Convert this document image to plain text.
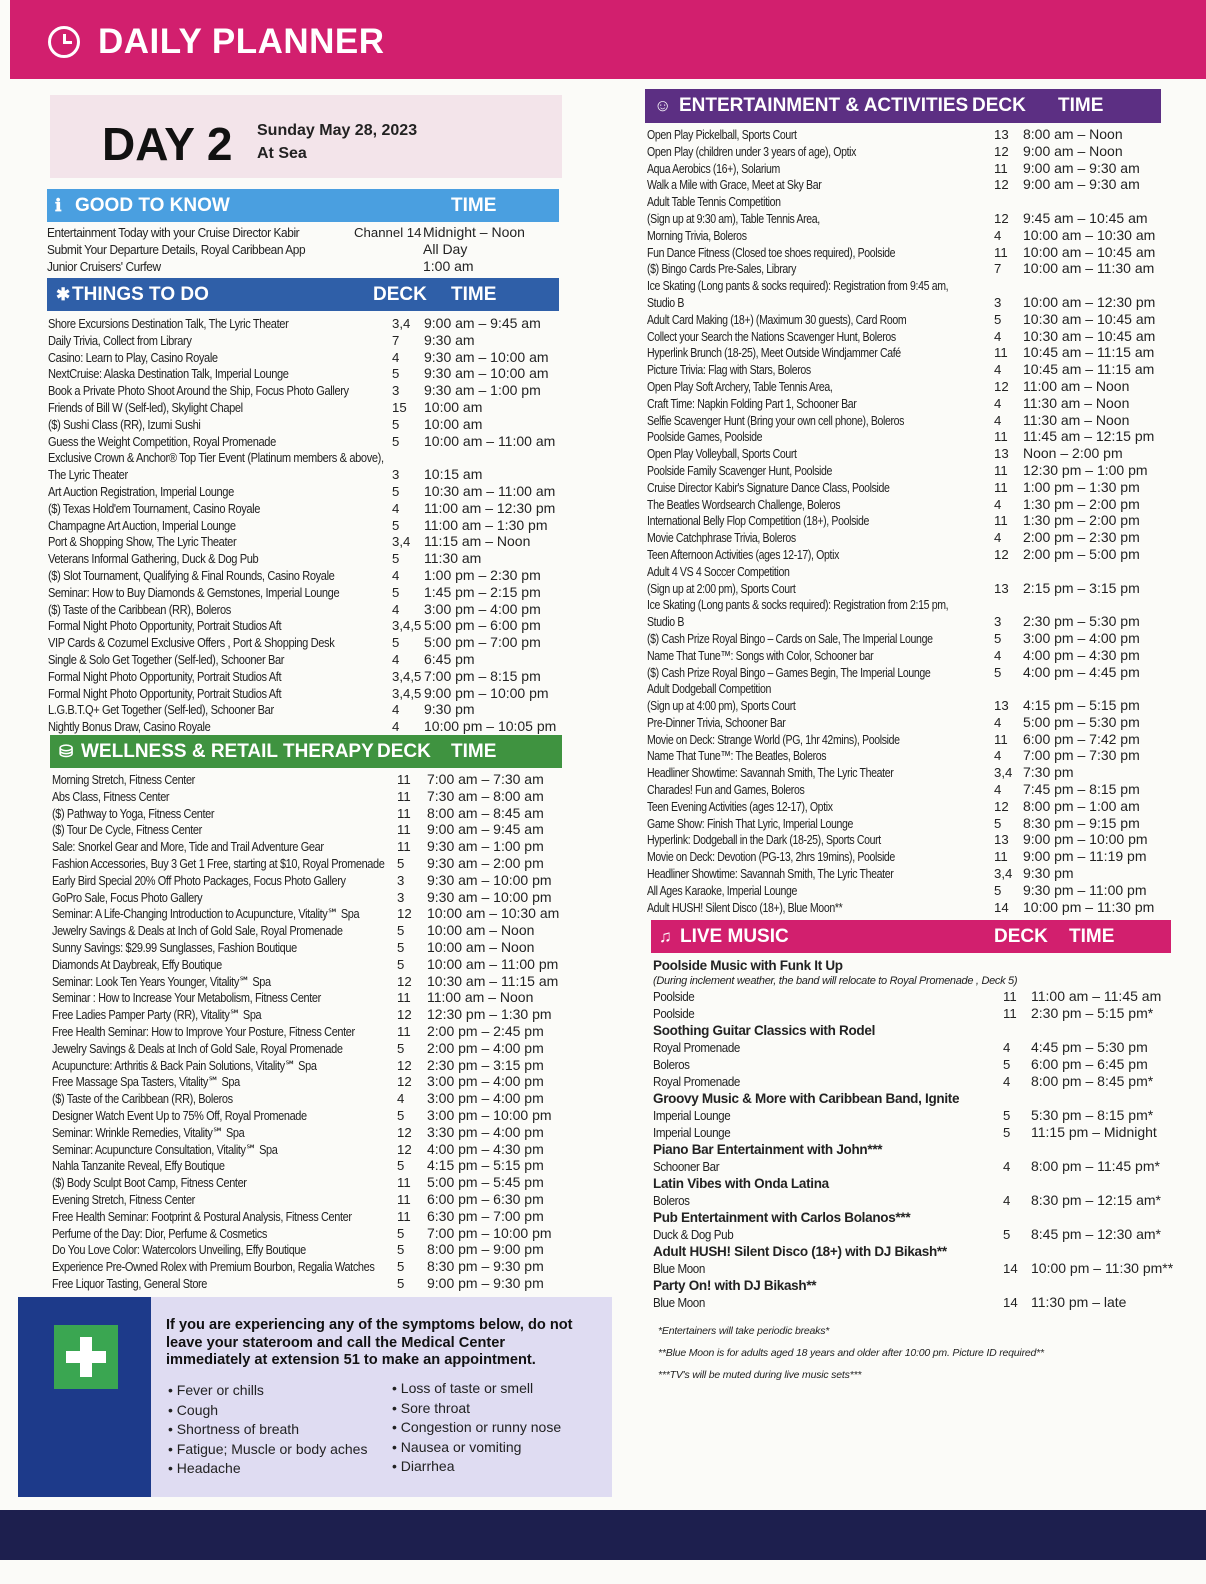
DAILY PLANNER
DAY 2 Sunday May 28, 2023
At Sea
ℹ GOOD TO KNOW	TIME
Entertainment Today with your Cruise Director Kabir	Channel 14 Midnight – Noon
Submit Your Departure Details, Royal Caribbean App	All Day
Junior Cruisers' Curfew	1:00 am
✱ THINGS TO DO	DECK TIME
Shore Excursions Destination Talk, The Lyric Theater	3,4 9:00 am – 9:45 am
Daily Trivia, Collect from Library	7 9:30 am
Casino: Learn to Play, Casino Royale	4 9:30 am – 10:00 am
NextCruise: Alaska Destination Talk, Imperial Lounge	5 9:30 am – 10:00 am
Book a Private Photo Shoot Around the Ship, Focus Photo Gallery	3 9:30 am – 1:00 pm
Friends of Bill W (Self-led), Skylight Chapel	15 10:00 am
($) Sushi Class (RR), Izumi Sushi	5 10:00 am
Guess the Weight Competition, Royal Promenade	5 10:00 am – 11:00 am
Exclusive Crown & Anchor® Top Tier Event (Platinum members & above),
The Lyric Theater	3 10:15 am
Art Auction Registration, Imperial Lounge	5 10:30 am – 11:00 am
($) Texas Hold'em Tournament, Casino Royale	4 11:00 am – 12:30 pm
Champagne Art Auction, Imperial Lounge	5 11:00 am – 1:30 pm
Port & Shopping Show, The Lyric Theater	3,4 11:15 am – Noon
Veterans Informal Gathering, Duck & Dog Pub	5 11:30 am
($) Slot Tournament, Qualifying & Final Rounds, Casino Royale	4 1:00 pm – 2:30 pm
Seminar: How to Buy Diamonds & Gemstones, Imperial Lounge	5 1:45 pm – 2:15 pm
($) Taste of the Caribbean (RR), Boleros	4 3:00 pm – 4:00 pm
Formal Night Photo Opportunity, Portrait Studios Aft	3,4,5 5:00 pm – 6:00 pm
VIP Cards & Cozumel Exclusive Offers , Port & Shopping Desk	5 5:00 pm – 7:00 pm
Single & Solo Get Together (Self-led), Schooner Bar	4 6:45 pm
Formal Night Photo Opportunity, Portrait Studios Aft	3,4,5 7:00 pm – 8:15 pm
Formal Night Photo Opportunity, Portrait Studios Aft	3,4,5 9:00 pm – 10:00 pm
L.G.B.T.Q+ Get Together (Self-led), Schooner Bar	4 9:30 pm
Nightly Bonus Draw, Casino Royale	4 10:00 pm – 10:05 pm
⛁ WELLNESS & RETAIL THERAPY DECK TIME
Morning Stretch, Fitness Center	11 7:00 am – 7:30 am
Abs Class, Fitness Center	11 7:30 am – 8:00 am
($) Pathway to Yoga, Fitness Center	11 8:00 am – 8:45 am
($) Tour De Cycle, Fitness Center	11 9:00 am – 9:45 am
Sale: Snorkel Gear and More, Tide and Trail Adventure Gear	11 9:30 am – 1:00 pm
Fashion Accessories, Buy 3 Get 1 Free, starting at $10, Royal Promenade 5 9:30 am – 2:00 pm
Early Bird Special 20% Off Photo Packages, Focus Photo Gallery	3 9:30 am – 10:00 pm
GoPro Sale, Focus Photo Gallery	3 9:30 am – 10:00 pm
Seminar: A Life-Changing Introduction to Acupuncture, Vitality℠ Spa	12 10:00 am – 10:30 am
Jewelry Savings & Deals at Inch of Gold Sale, Royal Promenade	5 10:00 am – Noon
Sunny Savings: $29.99 Sunglasses, Fashion Boutique	5 10:00 am – Noon
Diamonds At Daybreak, Effy Boutique	5 10:00 am – 11:00 pm
Seminar: Look Ten Years Younger, Vitality℠ Spa	12 10:30 am – 11:15 am
Seminar : How to Increase Your Metabolism, Fitness Center	11 11:00 am – Noon
Free Ladies Pamper Party (RR), Vitality℠ Spa	12 12:30 pm – 1:30 pm
Free Health Seminar: How to Improve Your Posture, Fitness Center	11 2:00 pm – 2:45 pm
Jewelry Savings & Deals at Inch of Gold Sale, Royal Promenade	5 2:00 pm – 4:00 pm
Acupuncture: Arthritis & Back Pain Solutions, Vitality℠ Spa	12 2:30 pm – 3:15 pm
Free Massage Spa Tasters, Vitality℠ Spa	12 3:00 pm – 4:00 pm
($) Taste of the Caribbean (RR), Boleros	4 3:00 pm – 4:00 pm
Designer Watch Event Up to 75% Off, Royal Promenade	5 3:00 pm – 10:00 pm
Seminar: Wrinkle Remedies, Vitality℠ Spa	12 3:30 pm – 4:00 pm
Seminar: Acupuncture Consultation, Vitality℠ Spa	12 4:00 pm – 4:30 pm
Nahla Tanzanite Reveal, Effy Boutique	5 4:15 pm – 5:15 pm
($) Body Sculpt Boot Camp, Fitness Center	11 5:00 pm – 5:45 pm
Evening Stretch, Fitness Center	11 6:00 pm – 6:30 pm
Free Health Seminar: Footprint & Postural Analysis, Fitness Center	11 6:30 pm – 7:00 pm
Perfume of the Day: Dior, Perfume & Cosmetics	5 7:00 pm – 10:00 pm
Do You Love Color: Watercolors Unveiling, Effy Boutique	5 8:00 pm – 9:00 pm
Experience Pre-Owned Rolex with Premium Bourbon, Regalia Watches 5 8:30 pm – 9:30 pm
Free Liquor Tasting, General Store	5 9:00 pm – 9:30 pm
If you are experiencing any of the symptoms below, do not leave your stateroom and call the Medical Center immediately at extension 51 to make an appointment.
• Fever or chills
• Cough
• Shortness of breath
• Fatigue; Muscle or body aches
• Headache
• Loss of taste or smell
• Sore throat
• Congestion or runny nose
• Nausea or vomiting
• Diarrhea
☺ ENTERTAINMENT & ACTIVITIES DECK TIME
Open Play Pickelball, Sports Court	13 8:00 am – Noon
Open Play (children under 3 years of age), Optix	12 9:00 am – Noon
Aqua Aerobics (16+), Solarium	11 9:00 am – 9:30 am
Walk a Mile with Grace, Meet at Sky Bar	12 9:00 am – 9:30 am
Adult Table Tennis Competition
(Sign up at 9:30 am), Table Tennis Area,	12 9:45 am – 10:45 am
Morning Trivia, Boleros	4 10:00 am – 10:30 am
Fun Dance Fitness (Closed toe shoes required), Poolside	11 10:00 am – 10:45 am
($) Bingo Cards Pre-Sales, Library	7 10:00 am – 11:30 am
Ice Skating (Long pants & socks required): Registration from 9:45 am,
Studio B	3 10:00 am – 12:30 pm
Adult Card Making (18+) (Maximum 30 guests), Card Room	5 10:30 am – 10:45 am
Collect your Search the Nations Scavenger Hunt, Boleros	4 10:30 am – 10:45 am
Hyperlink Brunch (18-25), Meet Outside Windjammer Café	11 10:45 am – 11:15 am
Picture Trivia: Flag with Stars, Boleros	4 10:45 am – 11:15 am
Open Play Soft Archery, Table Tennis Area,	12 11:00 am – Noon
Craft Time: Napkin Folding Part 1, Schooner Bar	4 11:30 am – Noon
Selfie Scavenger Hunt (Bring your own cell phone), Boleros	4 11:30 am – Noon
Poolside Games, Poolside	11 11:45 am – 12:15 pm
Open Play Volleyball, Sports Court	13 Noon – 2:00 pm
Poolside Family Scavenger Hunt, Poolside	11 12:30 pm – 1:00 pm
Cruise Director Kabir's Signature Dance Class, Poolside	11 1:00 pm – 1:30 pm
The Beatles Wordsearch Challenge, Boleros	4 1:30 pm – 2:00 pm
International Belly Flop Competition (18+), Poolside	11 1:30 pm – 2:00 pm
Movie Catchphrase Trivia, Boleros	4 2:00 pm – 2:30 pm
Teen Afternoon Activities (ages 12-17), Optix	12 2:00 pm – 5:00 pm
Adult 4 VS 4 Soccer Competition
(Sign up at 2:00 pm), Sports Court	13 2:15 pm – 3:15 pm
Ice Skating (Long pants & socks required): Registration from 2:15 pm,
Studio B	3 2:30 pm – 5:30 pm
($) Cash Prize Royal Bingo – Cards on Sale, The Imperial Lounge	5 3:00 pm – 4:00 pm
Name That Tune™: Songs with Color, Schooner bar	4 4:00 pm – 4:30 pm
($) Cash Prize Royal Bingo – Games Begin, The Imperial Lounge	5 4:00 pm – 4:45 pm
Adult Dodgeball Competition
(Sign up at 4:00 pm), Sports Court	13 4:15 pm – 5:15 pm
Pre-Dinner Trivia, Schooner Bar	4 5:00 pm – 5:30 pm
Movie on Deck: Strange World (PG, 1hr 42mins), Poolside	11 6:00 pm – 7:42 pm
Name That Tune™: The Beatles, Boleros	4 7:00 pm – 7:30 pm
Headliner Showtime: Savannah Smith, The Lyric Theater	3,4 7:30 pm
Charades! Fun and Games, Boleros	4 7:45 pm – 8:15 pm
Teen Evening Activities (ages 12-17), Optix	12 8:00 pm – 1:00 am
Game Show: Finish That Lyric, Imperial Lounge	5 8:30 pm – 9:15 pm
Hyperlink: Dodgeball in the Dark (18-25), Sports Court	13 9:00 pm – 10:00 pm
Movie on Deck: Devotion (PG-13, 2hrs 19mins), Poolside	11 9:00 pm – 11:19 pm
Headliner Showtime: Savannah Smith, The Lyric Theater	3,4 9:30 pm
All Ages Karaoke, Imperial Lounge	5 9:30 pm – 11:00 pm
Adult HUSH! Silent Disco (18+), Blue Moon**	14 10:00 pm – 11:30 pm
♫ LIVE MUSIC	DECK TIME
Poolside Music with Funk It Up
(During inclement weather, the band will relocate to Royal Promenade , Deck 5)
Poolside	11 11:00 am – 11:45 am
Poolside	11 2:30 pm – 5:15 pm*
Soothing Guitar Classics with Rodel
Royal Promenade	4 4:45 pm – 5:30 pm
Boleros	5 6:00 pm – 6:45 pm
Royal Promenade	4 8:00 pm – 8:45 pm*
Groovy Music & More with Caribbean Band, Ignite
Imperial Lounge	5 5:30 pm – 8:15 pm*
Imperial Lounge	5 11:15 pm – Midnight
Piano Bar Entertainment with John***
Schooner Bar	4 8:00 pm – 11:45 pm*
Latin Vibes with Onda Latina
Boleros	4 8:30 pm – 12:15 am*
Pub Entertainment with Carlos Bolanos***
Duck & Dog Pub	5 8:45 pm – 12:30 am*
Adult HUSH! Silent Disco (18+) with DJ Bikash**
Blue Moon	14 10:00 pm – 11:30 pm**
Party On! with DJ Bikash**
Blue Moon	14 11:30 pm – late
*Entertainers will take periodic breaks*
**Blue Moon is for adults aged 18 years and older after 10:00 pm. Picture ID required**
***TV's will be muted during live music sets***
